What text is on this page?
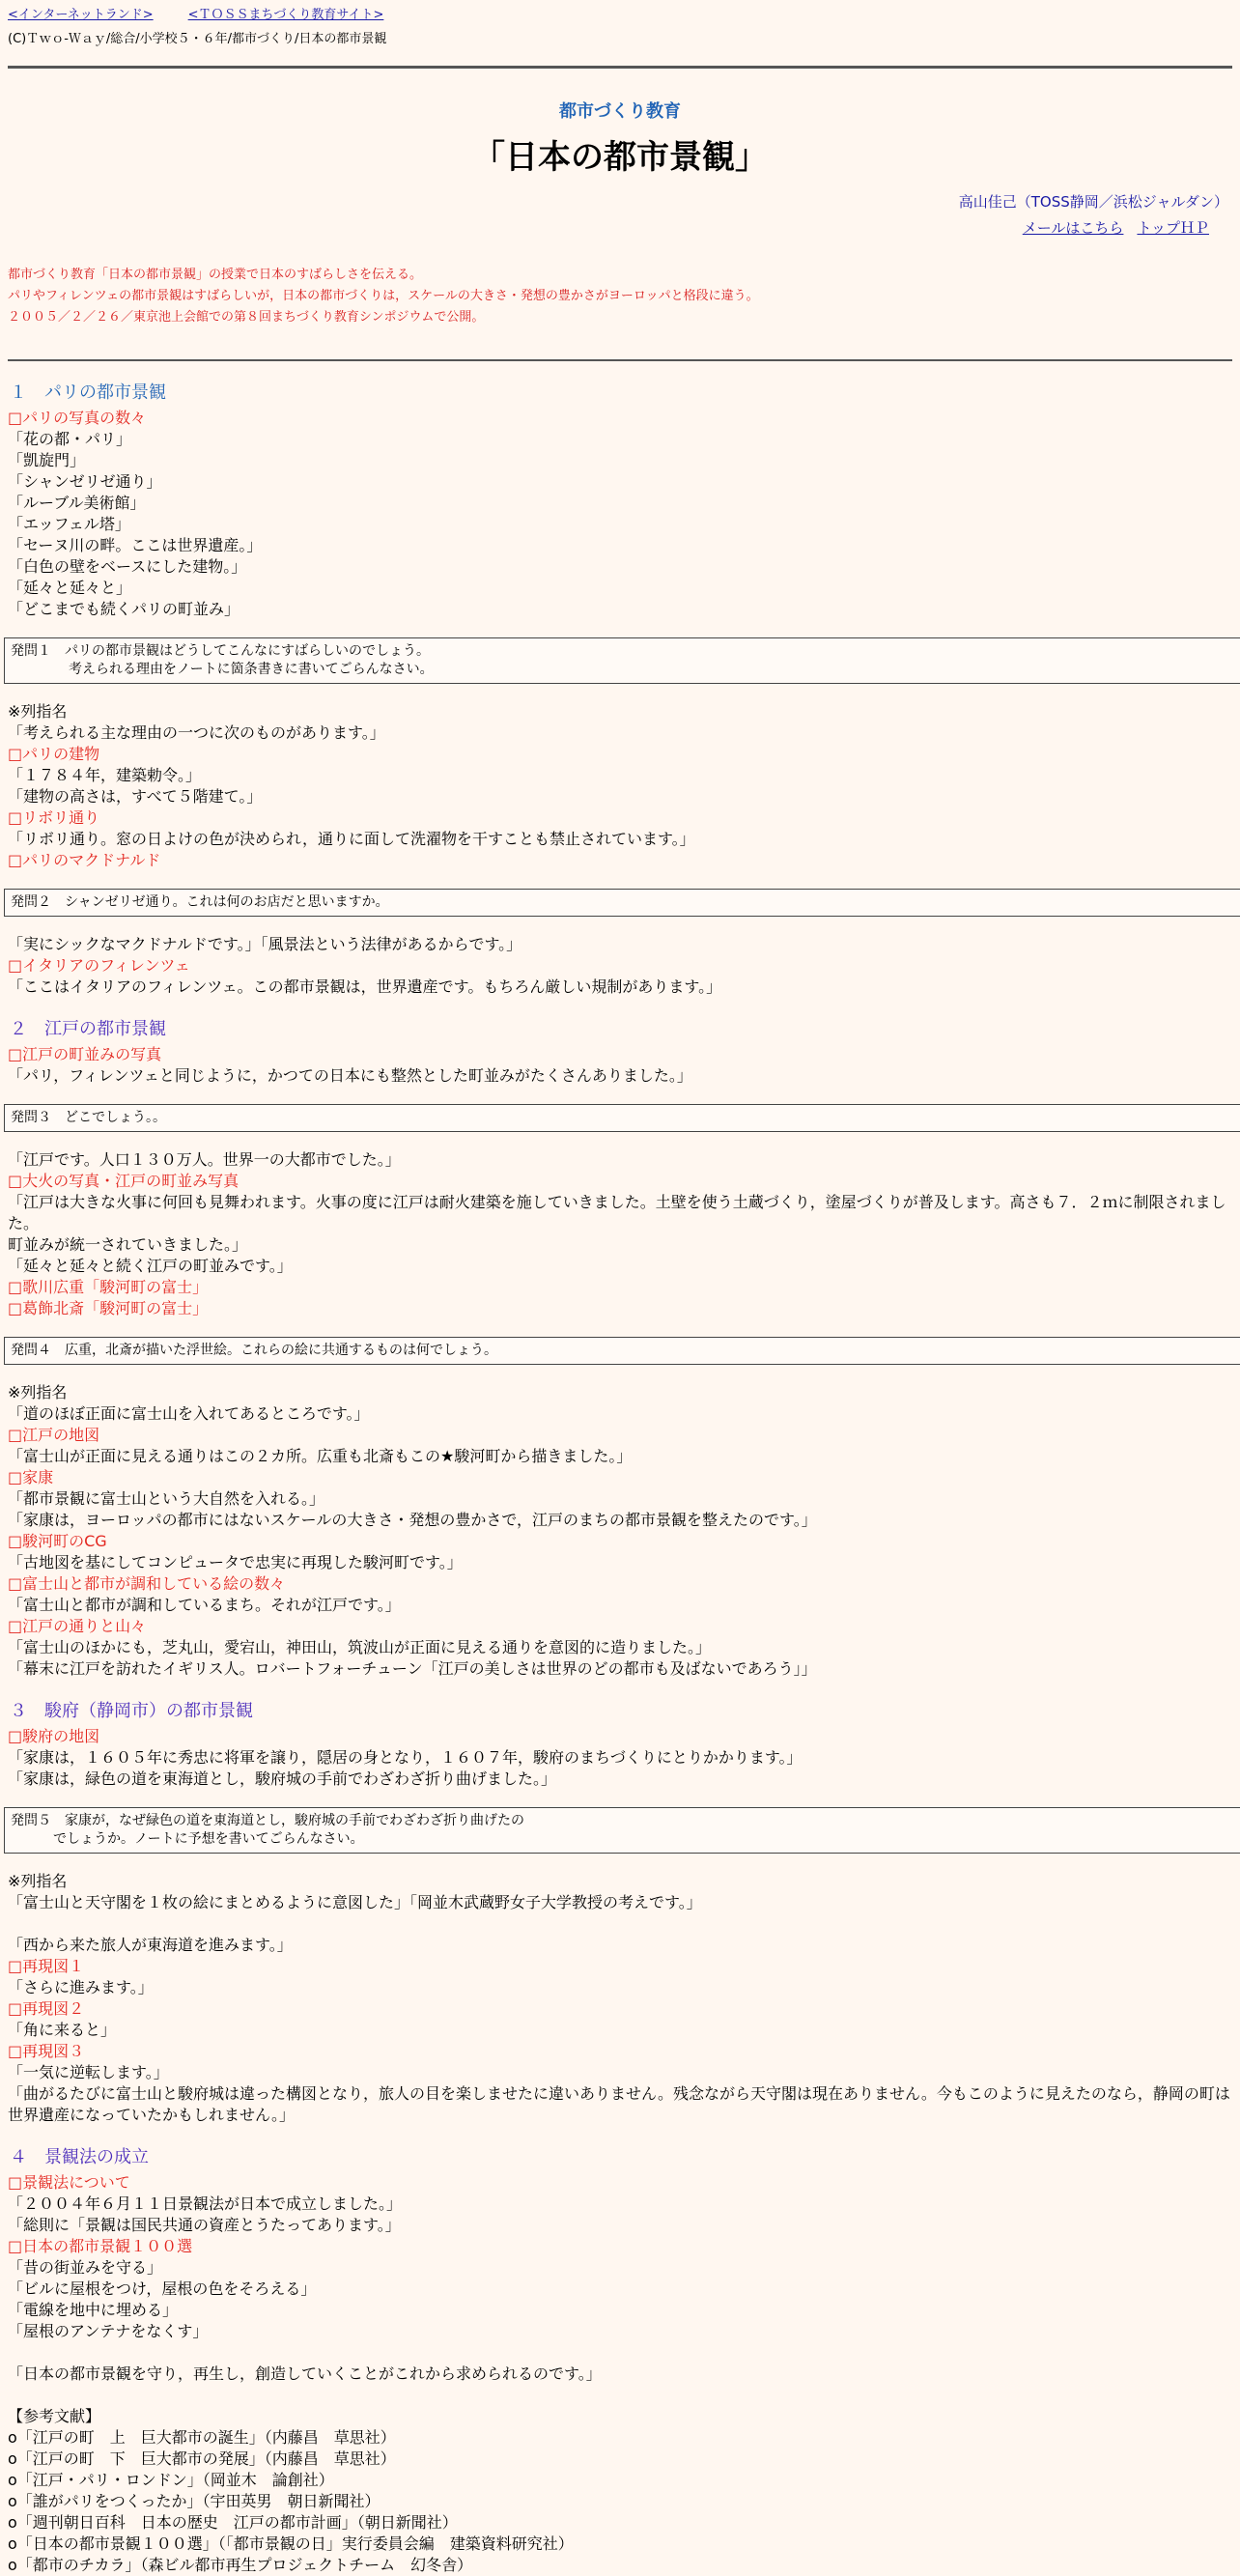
<インターネットランド>	<ＴＯＳＳまちづくり教育サイト>
(C)Ｔｗｏ-Ｗａｙ/総合/小学校５・６年/都市づくり/日本の都市景観
都市づくり教育
「日本の都市景観」
高山佳己（TOSS静岡／浜松ジャルダン）
メールはこちら トップＨＰ
都市づくり教育「日本の都市景観」の授業で日本のすばらしさを伝える。
パリやフィレンツェの都市景観はすばらしいが，日本の都市づくりは，スケールの大きさ・発想の豊かさがヨーロッパと格段に違う。
２００５／２／２６／東京池上会館での第８回まちづくり教育シンポジウムで公開。
１　パリの都市景観

□ パリの写真の数々

「花の都・パリ」

「凱旋門」

「シャンゼリゼ通り」

「ルーブル美術館」

「エッフェル塔」

「セーヌ川の畔。ここは世界遺産。」

「白色の壁をベースにした建物。」

「延々と延々と」

「どこまでも続くパリの町並み」

発問１　パリの都市景観はどうしてこんなにすばらしいのでしょう。
考えられる理由をノートに箇条書きに書いてごらんなさい。

※列指名

「考えられる主な理由の一つに次のものがあります。」

□ パリの建物

「１７８４年，建築勅令。」

「建物の高さは，すべて５階建て。」

□ リボリ通り

「リボリ通り。窓の日よけの色が決められ，通りに面して洗濯物を干すことも禁止されています。」

□ パリのマクドナルド

発問２　シャンゼリゼ通り。これは何のお店だと思いますか。

「実にシックなマクドナルドです。」「風景法という法律があるからです。」

□ イタリアのフィレンツェ

「ここはイタリアのフィレンツェ。この都市景観は，世界遺産です。もちろん厳しい規制があります。」

２　江戸の都市景観

□ 江戸の町並みの写真

「パリ，フィレンツェと同じように，かつての日本にも整然とした町並みがたくさんありました。」

発問３　どこでしょう。。

「江戸です。人口１３０万人。世界一の大都市でした。」

□ 大火の写真・江戸の町並み写真

「江戸は大きな火事に何回も見舞われます。火事の度に江戸は耐火建築を施していきました。土壁を使う土蔵づくり，塗屋づくりが普及します。高さも７．２ｍに制限されました。

町並みが統一されていきました。」

「延々と延々と続く江戸の町並みです。」

□ 歌川広重「駿河町の富士」

□ 葛飾北斎「駿河町の富士」

発問４　広重，北斎が描いた浮世絵。これらの絵に共通するものは何でしょう。

※列指名

「道のほぼ正面に富士山を入れてあるところです。」

□ 江戸の地図

「富士山が正面に見える通りはこの２カ所。広重も北斎もこの★駿河町から描きました。」

□ 家康

「都市景観に富士山という大自然を入れる。」

「家康は，ヨーロッパの都市にはないスケールの大きさ・発想の豊かさで，江戸のまちの都市景観を整えたのです。」

□ 駿河町のCG

「古地図を基にしてコンピュータで忠実に再現した駿河町です。」

□ 富士山と都市が調和している絵の数々

「富士山と都市が調和しているまち。それが江戸です。」

□ 江戸の通りと山々

「富士山のほかにも，芝丸山，愛宕山，神田山，筑波山が正面に見える通りを意図的に造りました。」

「幕末に江戸を訪れたイギリス人。ロバートフォーチューン「江戸の美しさは世界のどの都市も及ばないであろう」」

３　駿府（静岡市）の都市景観

□ 駿府の地図

「家康は，１６０５年に秀忠に将軍を譲り，隠居の身となり，１６０７年，駿府のまちづくりにとりかかります。」

「家康は，緑色の道を東海道とし，駿府城の手前でわざわざ折り曲げました。」

発問５　家康が，なぜ緑色の道を東海道とし，駿府城の手前でわざわざ折り曲げたの
でしょうか。ノートに予想を書いてごらんなさい。

※列指名

「富士山と天守閣を１枚の絵にまとめるように意図した」「岡並木武蔵野女子大学教授の考えです。」

「西から来た旅人が東海道を進みます。」

□ 再現図１

「さらに進みます。」

□ 再現図２

「角に来ると」

□ 再現図３

「一気に逆転します。」

「曲がるたびに富士山と駿府城は違った構図となり，旅人の目を楽しませたに違いありません。残念ながら天守閣は現在ありません。今もこのように見えたのなら，静岡の町は

世界遺産になっていたかもしれません。」

４　景観法の成立

□ 景観法について

「２００４年６月１１日景観法が日本で成立しました。」

「総則に「景観は国民共通の資産とうたってあります。」

□ 日本の都市景観１００選

「昔の街並みを守る」

「ビルに屋根をつけ，屋根の色をそろえる」

「電線を地中に埋める」

「屋根のアンテナをなくす」

「日本の都市景観を守り，再生し，創造していくことがこれから求められるのです。」

【参考文献】

o「江戸の町　上　巨大都市の誕生」（内藤昌　草思社）

o「江戸の町　下　巨大都市の発展」（内藤昌　草思社）

o「江戸・パリ・ロンドン」（岡並木　論創社）

o「誰がパリをつくったか」（宇田英男　朝日新聞社）

o「週刊朝日百科　日本の歴史　江戸の都市計画」（朝日新聞社）

o「日本の都市景観１００選」（「都市景観の日」実行委員会編　建築資料研究社）

o「都市のチカラ」（森ビル都市再生プロジェクトチーム　幻冬舎）
